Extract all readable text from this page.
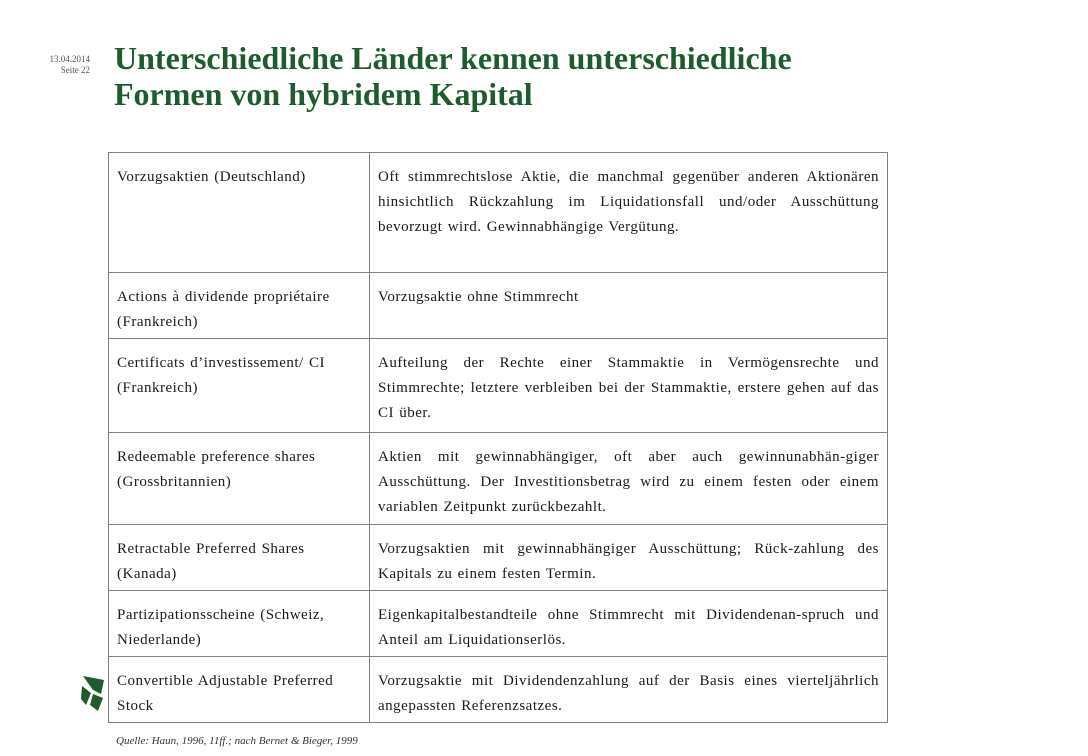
13.04.2014
Seite 22 Unterschiedliche Länder kennen unterschiedliche
Formen von hybridem Kapital
Vorzugsaktien (Deutschland)	Oft stimmrechtslose Aktie, die manchmal gegenüber anderen Aktionären hinsichtlich Rückzahlung im Liquidationsfall und/oder Ausschüttung bevorzugt wird. Gewinnabhängige Vergütung.
Actions à dividende propriétaire (Frankreich)	Vorzugsaktie ohne Stimmrecht
Certificats d’investissement/ CI (Frankreich)	Aufteilung der Rechte einer Stammaktie in Vermögensrechte und Stimmrechte; letztere verbleiben bei der Stammaktie, erstere gehen auf das CI über.
Redeemable preference shares (Grossbritannien)	Aktien mit gewinnabhängiger, oft aber auch gewinnunabhän-giger Ausschüttung. Der Investitionsbetrag wird zu einem festen oder einem variablen Zeitpunkt zurückbezahlt.
Retractable Preferred Shares (Kanada)	Vorzugsaktien mit gewinnabhängiger Ausschüttung; Rück-zahlung des Kapitals zu einem festen Termin.
Partizipationsscheine (Schweiz, Niederlande)	Eigenkapitalbestandteile ohne Stimmrecht mit Dividendenan-spruch und Anteil am Liquidationserlös.
Convertible Adjustable Preferred Stock	Vorzugsaktie mit Dividendenzahlung auf der Basis eines vierteljährlich angepassten Referenzsatzes.
Quelle: Haun, 1996, 11ff.; nach Bernet & Bieger, 1999
